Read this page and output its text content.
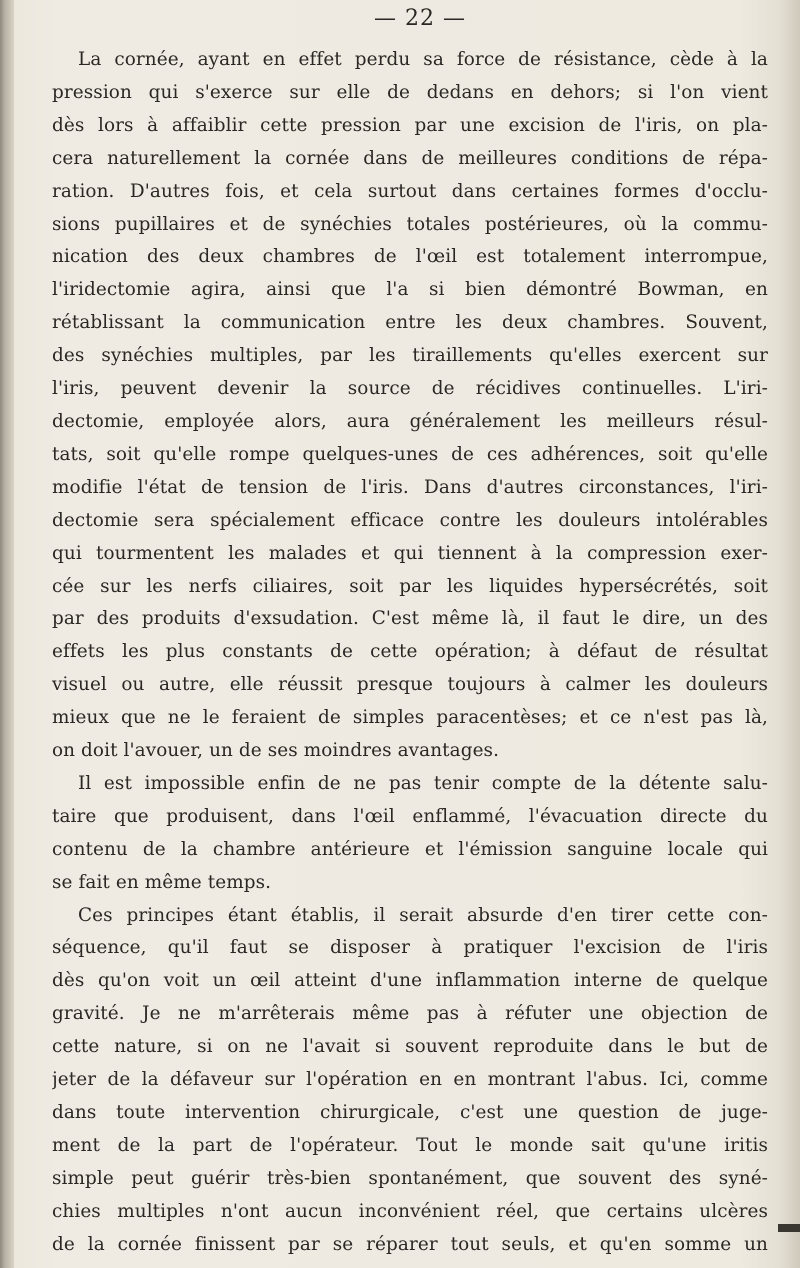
— 22 —
La cornée, ayant en effet perdu sa force de résistance, cède à la
pression qui s'exerce sur elle de dedans en dehors; si l'on vient
dès lors à affaiblir cette pression par une excision de l'iris, on pla-
cera naturellement la cornée dans de meilleures conditions de répa-
ration. D'autres fois, et cela surtout dans certaines formes d'occlu-
sions pupillaires et de synéchies totales postérieures, où la commu-
nication des deux chambres de l'œil est totalement interrompue,
l'iridectomie agira, ainsi que l'a si bien démontré Bowman, en
rétablissant la communication entre les deux chambres. Souvent,
des synéchies multiples, par les tiraillements qu'elles exercent sur
l'iris, peuvent devenir la source de récidives continuelles. L'iri-
dectomie, employée alors, aura généralement les meilleurs résul-
tats, soit qu'elle rompe quelques-unes de ces adhérences, soit qu'elle
modifie l'état de tension de l'iris. Dans d'autres circonstances, l'iri-
dectomie sera spécialement efficace contre les douleurs intolérables
qui tourmentent les malades et qui tiennent à la compression exer-
cée sur les nerfs ciliaires, soit par les liquides hypersécrétés, soit
par des produits d'exsudation. C'est même là, il faut le dire, un des
effets les plus constants de cette opération; à défaut de résultat
visuel ou autre, elle réussit presque toujours à calmer les douleurs
mieux que ne le feraient de simples paracentèses; et ce n'est pas là,
on doit l'avouer, un de ses moindres avantages.
Il est impossible enfin de ne pas tenir compte de la détente salu-
taire que produisent, dans l'œil enflammé, l'évacuation directe du
contenu de la chambre antérieure et l'émission sanguine locale qui
se fait en même temps.
Ces principes étant établis, il serait absurde d'en tirer cette con-
séquence, qu'il faut se disposer à pratiquer l'excision de l'iris
dès qu'on voit un œil atteint d'une inflammation interne de quelque
gravité. Je ne m'arrêterais même pas à réfuter une objection de
cette nature, si on ne l'avait si souvent reproduite dans le but de
jeter de la défaveur sur l'opération en en montrant l'abus. Ici, comme
dans toute intervention chirurgicale, c'est une question de juge-
ment de la part de l'opérateur. Tout le monde sait qu'une iritis
simple peut guérir très-bien spontanément, que souvent des syné-
chies multiples n'ont aucun inconvénient réel, que certains ulcères
de la cornée finissent par se réparer tout seuls, et qu'en somme un
